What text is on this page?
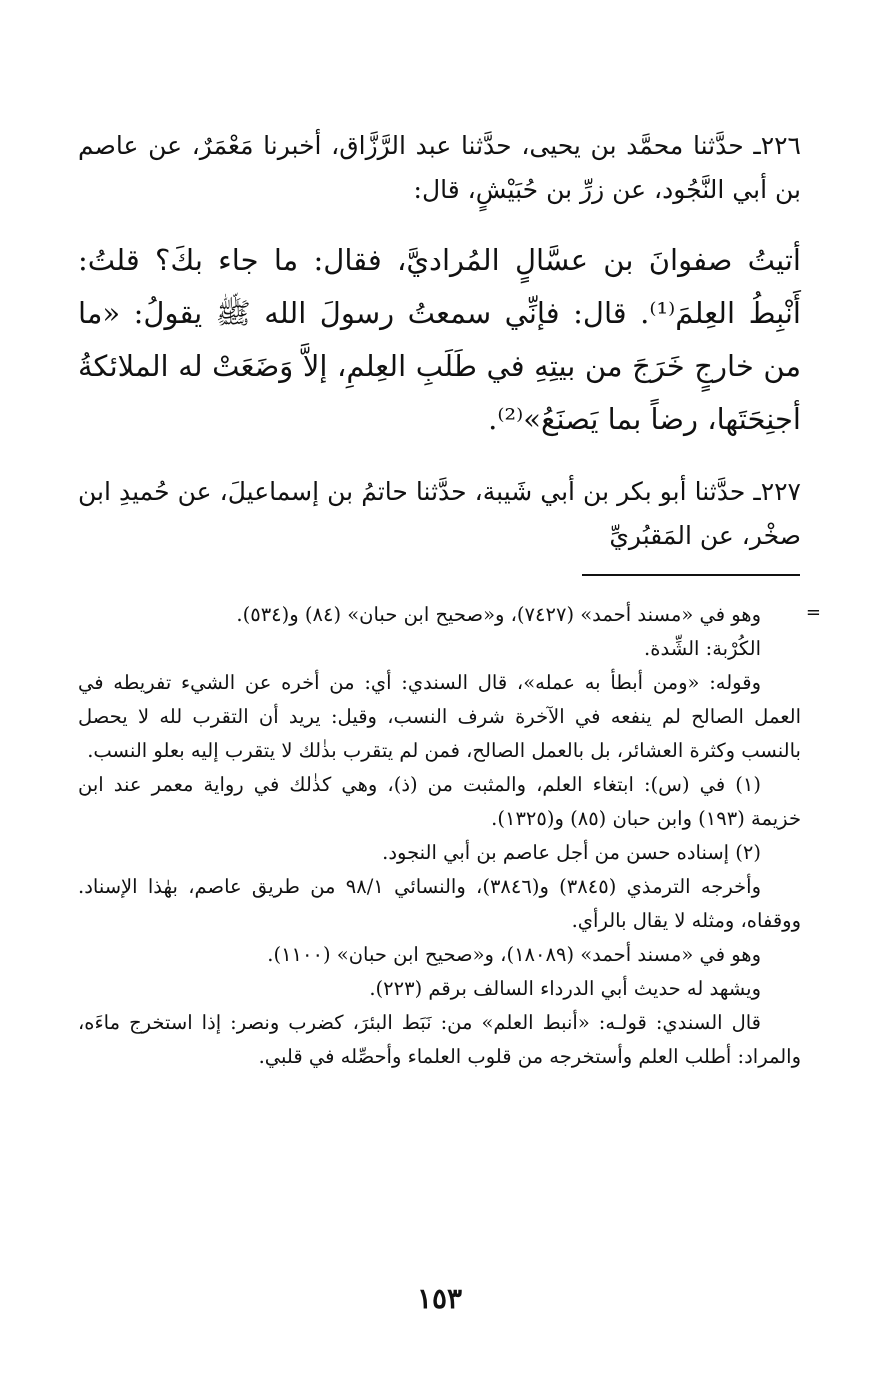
٢٢٦ـ حدَّثنا محمَّد بن يحيى، حدَّثنا عبد الرَّزَّاق، أخبرنا مَعْمَرٌ، عن عاصم بن أبي النَّجُود، عن زرِّ بن حُبَيْشٍ، قال:
أتيتُ صفوانَ بن عسَّالٍ المُراديَّ، فقال: ما جاء بكَ؟ قلتُ: أَنْبِطُ العِلمَ⁽¹⁾. قال: فإنِّي سمعتُ رسولَ الله ﷺ يقولُ: «ما من خارجٍ خَرَجَ من بيتِهِ في طَلَبِ العِلمِ، إلاَّ وَضَعَتْ له الملائكةُ أجنِحَتَها، رضاً بما يَصنَعُ»⁽²⁾.
٢٢٧ـ حدَّثنا أبو بكر بن أبي شَيبة، حدَّثنا حاتمُ بن إسماعيلَ، عن حُميدِ ابن صخْر، عن المَقبُريِّ
=

وهو في «مسند أحمد» (٧٤٢٧)، و«صحيح ابن حبان» (٨٤) و(٥٣٤).

الكُرْبة: الشِّدة.

وقوله: «ومن أبطأ به عمله»، قال السندي: أي: من أخره عن الشيء تفريطه في العمل الصالح لم ينفعه في الآخرة شرف النسب، وقيل: يريد أن التقرب لله لا يحصل بالنسب وكثرة العشائر، بل بالعمل الصالح، فمن لم يتقرب بذٰلك لا يتقرب إليه بعلو النسب.

(١) في (س): ابتغاء العلم، والمثبت من (ذ)، وهي كذٰلك في رواية معمر عند ابن خزيمة (١٩٣) وابن حبان (٨٥) و(١٣٢٥).

(٢) إسناده حسن من أجل عاصم بن أبي النجود.

وأخرجه الترمذي (٣٨٤٥) و(٣٨٤٦)، والنسائي ٩٨/١ من طريق عاصم، بهٰذا الإسناد. ووقفاه، ومثله لا يقال بالرأي.

وهو في «مسند أحمد» (١٨٠٨٩)، و«صحيح ابن حبان» (١١٠٠).

ويشهد له حديث أبي الدرداء السالف برقم (٢٢٣).

قال السندي: قولـه: «أنبط العلم» من: نَبَط البئرَ، كضرب ونصر: إذا استخرج ماءَه، والمراد: أطلب العلم وأستخرجه من قلوب العلماء وأحصِّله في قلبي.

١٥٣
